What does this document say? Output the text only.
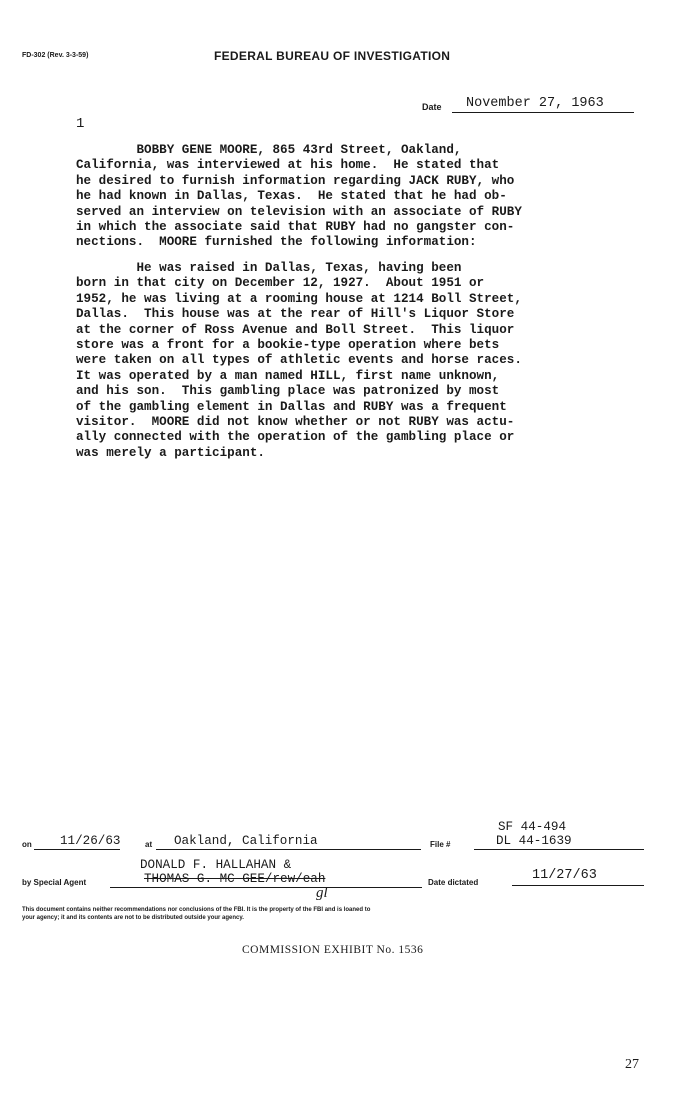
FD-302 (Rev. 3-3-59)	FEDERAL BUREAU OF INVESTIGATION
Date	November 27, 1963
1
BOBBY GENE MOORE, 865 43rd Street, Oakland,
California, was interviewed at his home.  He stated that
he desired to furnish information regarding JACK RUBY, who
he had known in Dallas, Texas.  He stated that he had ob-
served an interview on television with an associate of RUBY
in which the associate said that RUBY had no gangster con-
nections.  MOORE furnished the following information:
He was raised in Dallas, Texas, having been
born in that city on December 12, 1927.  About 1951 or
1952, he was living at a rooming house at 1214 Boll Street,
Dallas.  This house was at the rear of Hill's Liquor Store
at the corner of Ross Avenue and Boll Street.  This liquor
store was a front for a bookie-type operation where bets
were taken on all types of athletic events and horse races.
It was operated by a man named HILL, first name unknown,
and his son.  This gambling place was patronized by most
of the gambling element in Dallas and RUBY was a frequent
visitor.  MOORE did not know whether or not RUBY was actu-
ally connected with the operation of the gambling place or
was merely a participant.
SF 44-494
on	11/26/63	at	Oakland, California	File #	DL 44-1639
DONALD F. HALLAHAN &
by Special Agent	THOMAS G. MC GEE/rew/eah
gl
Date dictated	11/27/63
This document contains neither recommendations nor conclusions of the FBI. It is the property of the FBI and is loaned to
your agency; it and its contents are not to be distributed outside your agency.
COMMISSION EXHIBIT No. 1536
27
